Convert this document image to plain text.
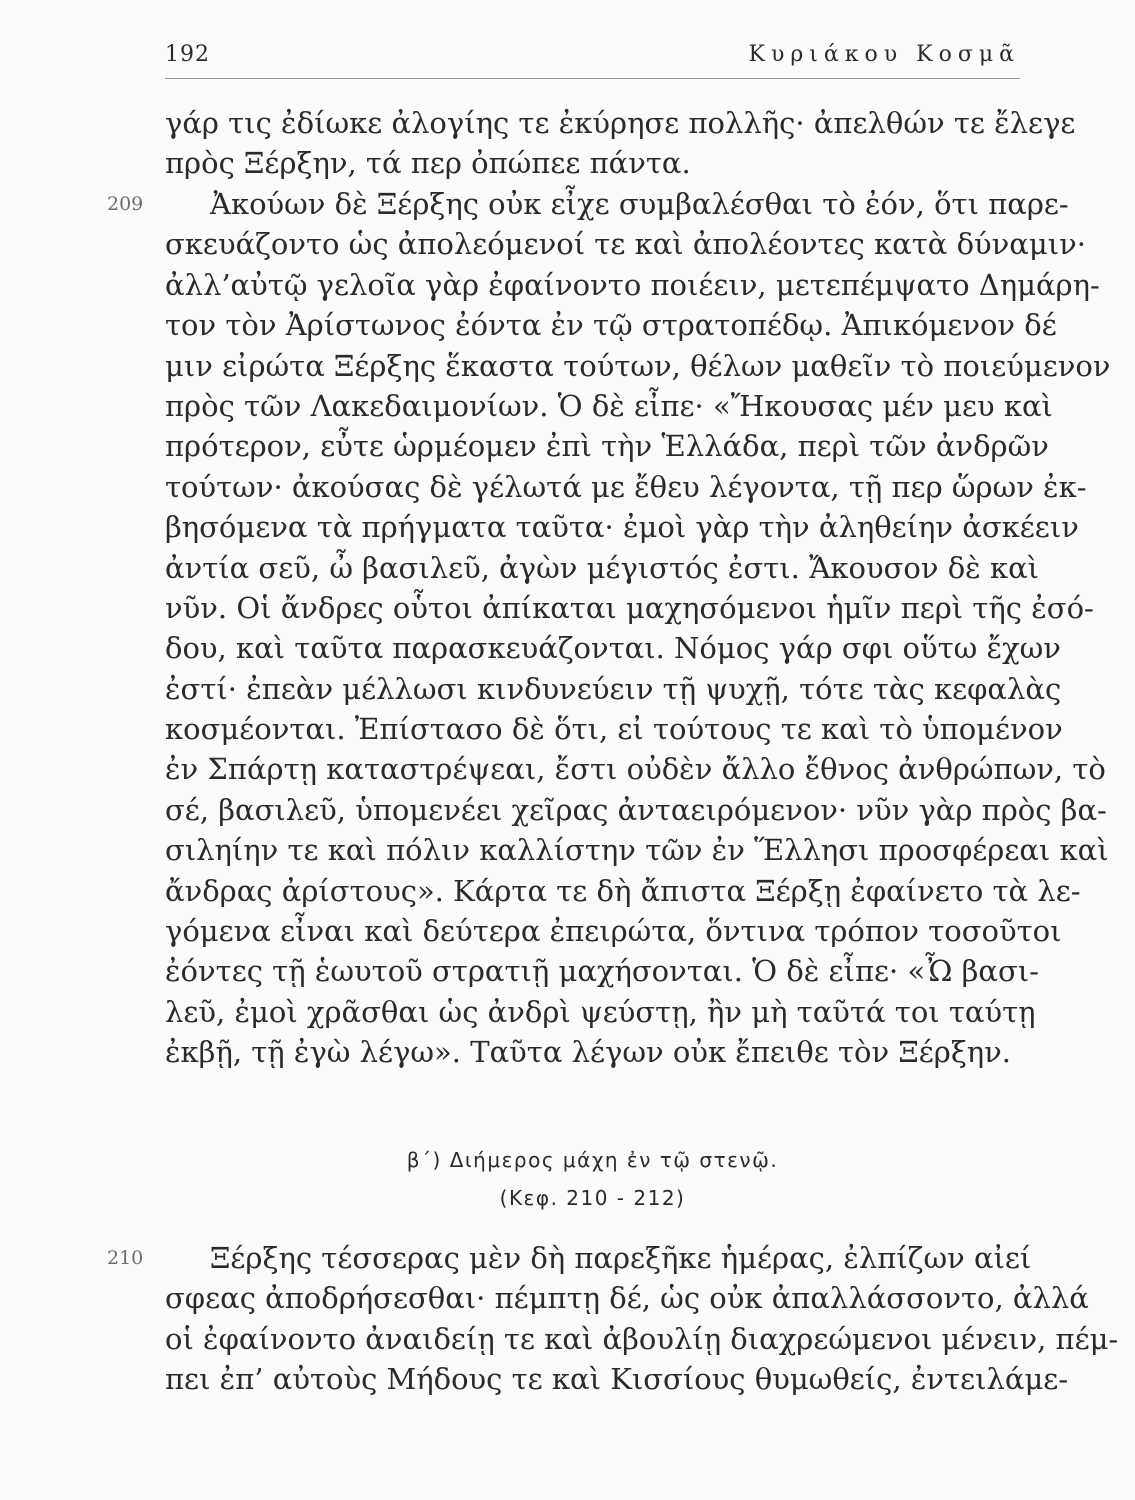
192	Κυριάκου Κοσμᾶ
γάρ τις ἐδίωκε ἀλογίης τε ἐκύρησε πολλῆς· ἀπελθών τε ἔλεγε
πρὸς Ξέρξην, τά περ ὀπώπεε πάντα.
209 Ἀκούων δὲ Ξέρξης οὐκ εἶχε συμβαλέσθαι τὸ ἐόν, ὅτι παρε-
σκευάζοντο ὡς ἀπολεόμενοί τε καὶ ἀπολέοντες κατὰ δύναμιν·
ἀλλ’αὐτῷ γελοῖα γὰρ ἐφαίνοντο ποιέειν, μετεπέμψατο Δημάρη-
τον τὸν Ἀρίστωνος ἐόντα ἐν τῷ στρατοπέδῳ. Ἀπικόμενον δέ
μιν εἰρώτα Ξέρξης ἕκαστα τούτων, θέλων μαθεῖν τὸ ποιεύμενον
πρὸς τῶν Λακεδαιμονίων. Ὁ δὲ εἶπε· «Ἤκουσας μέν μευ καὶ
πρότερον, εὖτε ὡρμέομεν ἐπὶ τὴν Ἑλλάδα, περὶ τῶν ἀνδρῶν
τούτων· ἀκούσας δὲ γέλωτά με ἔθευ λέγοντα, τῇ περ ὥρων ἐκ-
βησόμενα τὰ πρήγματα ταῦτα· ἐμοὶ γὰρ τὴν ἀληθείην ἀσκέειν
ἀντία σεῦ, ὦ βασιλεῦ, ἀγὼν μέγιστός ἐστι. Ἄκουσον δὲ καὶ
νῦν. Οἱ ἄνδρες οὗτοι ἀπίκαται μαχησόμενοι ἡμῖν περὶ τῆς ἐσό-
δου, καὶ ταῦτα παρασκευάζονται. Νόμος γάρ σφι οὕτω ἔχων
ἐστί· ἐπεὰν μέλλωσι κινδυνεύειν τῇ ψυχῇ, τότε τὰς κεφαλὰς
κοσμέονται. Ἐπίστασο δὲ ὅτι, εἰ τούτους τε καὶ τὸ ὑπομένον
ἐν Σπάρτῃ καταστρέψεαι, ἔστι οὐδὲν ἄλλο ἔθνος ἀνθρώπων, τὸ
σέ, βασιλεῦ, ὑπομενέει χεῖρας ἀνταειρόμενον· νῦν γὰρ πρὸς βα-
σιληίην τε καὶ πόλιν καλλίστην τῶν ἐν Ἕλλησι προσφέρεαι καὶ
ἄνδρας ἀρίστους». Κάρτα τε δὴ ἄπιστα Ξέρξῃ ἐφαίνετο τὰ λε-
γόμενα εἶναι καὶ δεύτερα ἐπειρώτα, ὅντινα τρόπον τοσοῦτοι
ἐόντες τῇ ἑωυτοῦ στρατιῇ μαχήσονται. Ὁ δὲ εἶπε· «Ὦ βασι-
λεῦ, ἐμοὶ χρᾶσθαι ὡς ἀνδρὶ ψεύστῃ, ἢν μὴ ταῦτά τοι ταύτῃ
ἐκβῇ, τῇ ἐγὼ λέγω». Ταῦτα λέγων οὐκ ἔπειθε τὸν Ξέρξην.
β΄) Διήμερος μάχη ἐν τῷ στενῷ.
(Κεφ. 210 - 212)
210 Ξέρξης τέσσερας μὲν δὴ παρεξῆκε ἡμέρας, ἐλπίζων αἰεί
σφεας ἀποδρήσεσθαι· πέμπτῃ δέ, ὡς οὐκ ἀπαλλάσσοντο, ἀλλά
οἱ ἐφαίνοντο ἀναιδείῃ τε καὶ ἀβουλίῃ διαχρεώμενοι μένειν, πέμ-
πει ἐπ’ αὐτοὺς Μήδους τε καὶ Κισσίους θυμωθείς, ἐντειλάμε-
